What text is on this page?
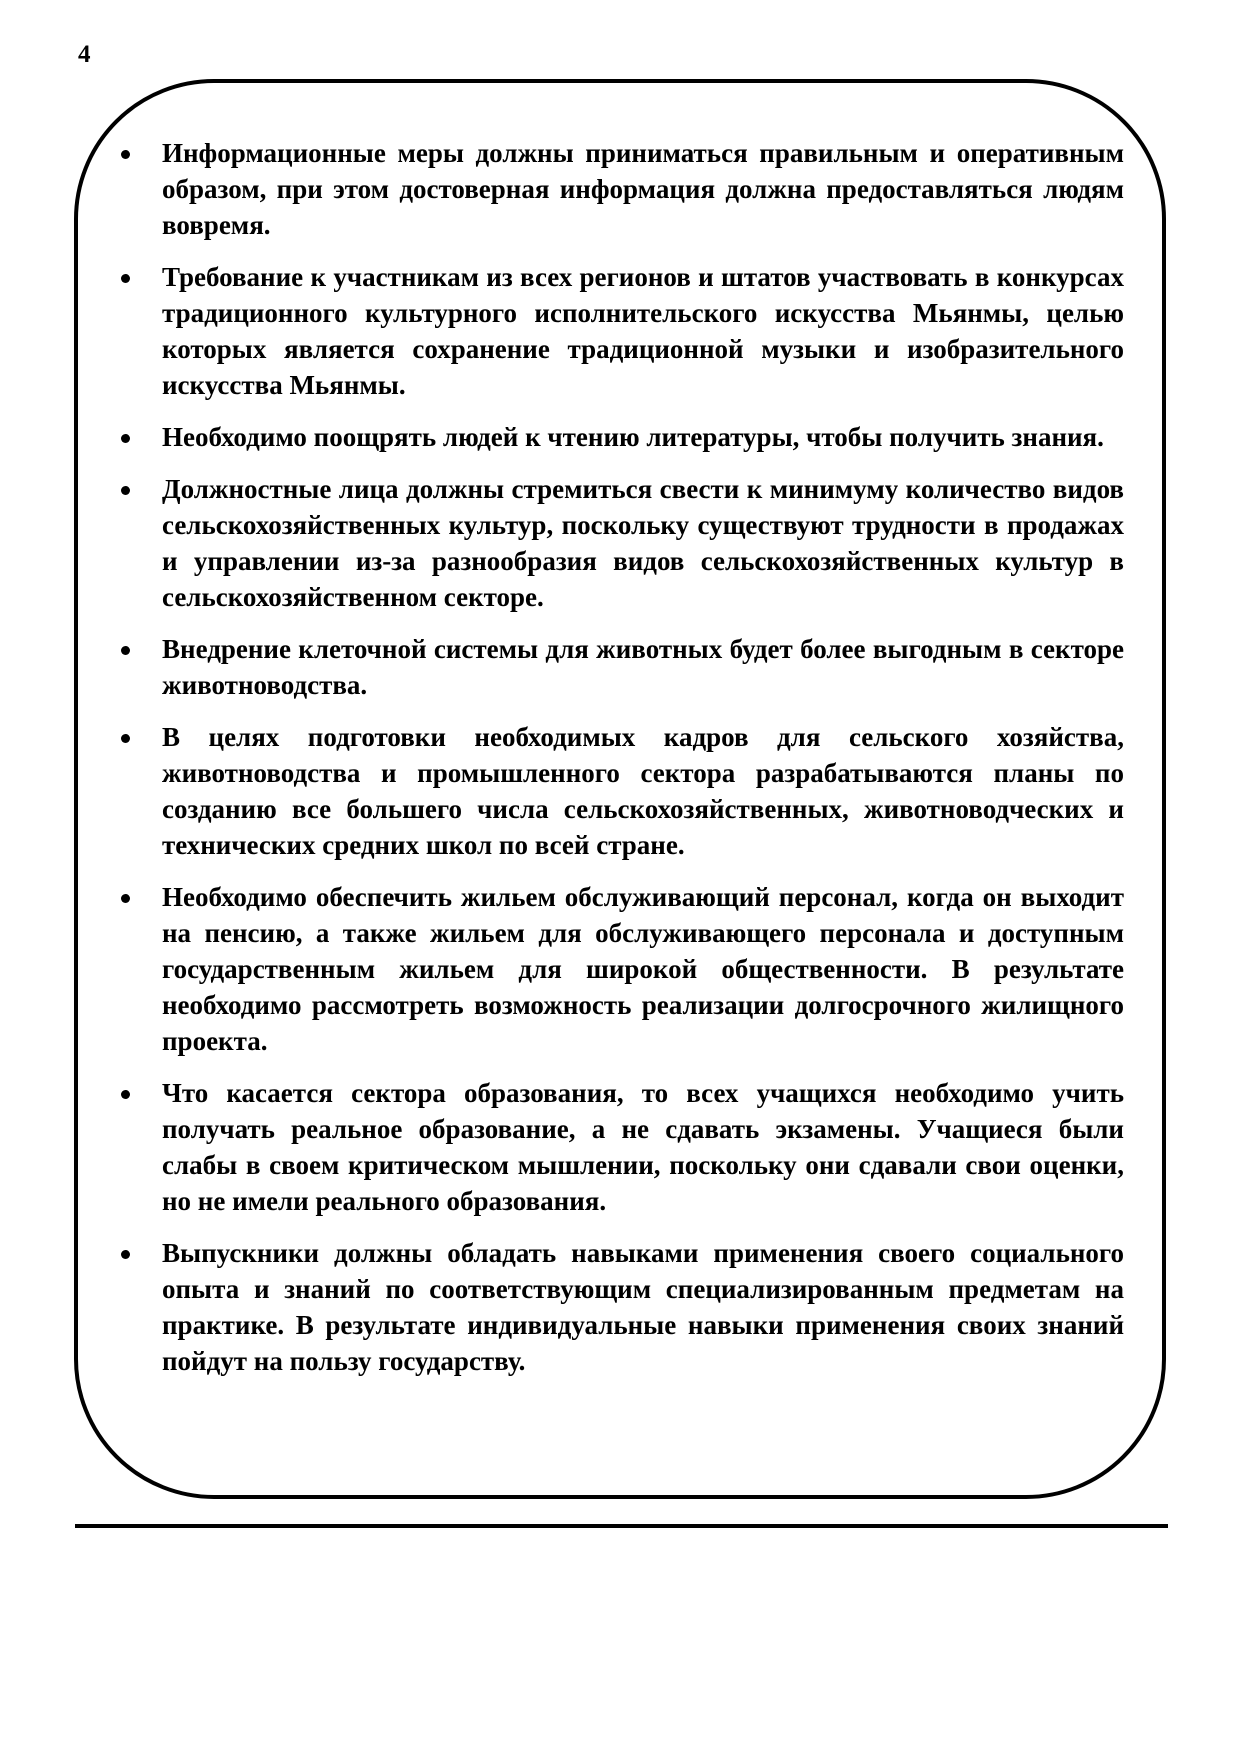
4
Информационные меры должны приниматься правильным и оперативным образом, при этом достоверная информация должна предоставляться людям вовремя.
Требование к участникам из всех регионов и штатов участвовать в конкурсах традиционного культурного исполнительского искусства Мьянмы, целью которых является сохранение традиционной музыки и изобразительного искусства Мьянмы.
Необходимо поощрять людей к чтению литературы, чтобы получить знания.
Должностные лица должны стремиться свести к минимуму количество видов сельскохозяйственных культур, поскольку существуют трудности в продажах и управлении из-за разнообразия видов сельскохозяйственных культур в сельскохозяйственном секторе.
Внедрение клеточной системы для животных будет более выгодным в секторе животноводства.
В целях подготовки необходимых кадров для сельского хозяйства, животноводства и промышленного сектора разрабатываются планы по созданию все большего числа сельскохозяйственных, животноводческих и технических средних школ по всей стране.
Необходимо обеспечить жильем обслуживающий персонал, когда он выходит на пенсию, а также жильем для обслуживающего персонала и доступным государственным жильем для широкой общественности. В результате необходимо рассмотреть возможность реализации долгосрочного жилищного проекта.
Что касается сектора образования, то всех учащихся необходимо учить получать реальное образование, а не сдавать экзамены. Учащиеся были слабы в своем критическом мышлении, поскольку они сдавали свои оценки, но не имели реального образования.
Выпускники должны обладать навыками применения своего социального опыта и знаний по соответствующим специализированным предметам на практике. В результате индивидуальные навыки применения своих знаний пойдут на пользу государству.
